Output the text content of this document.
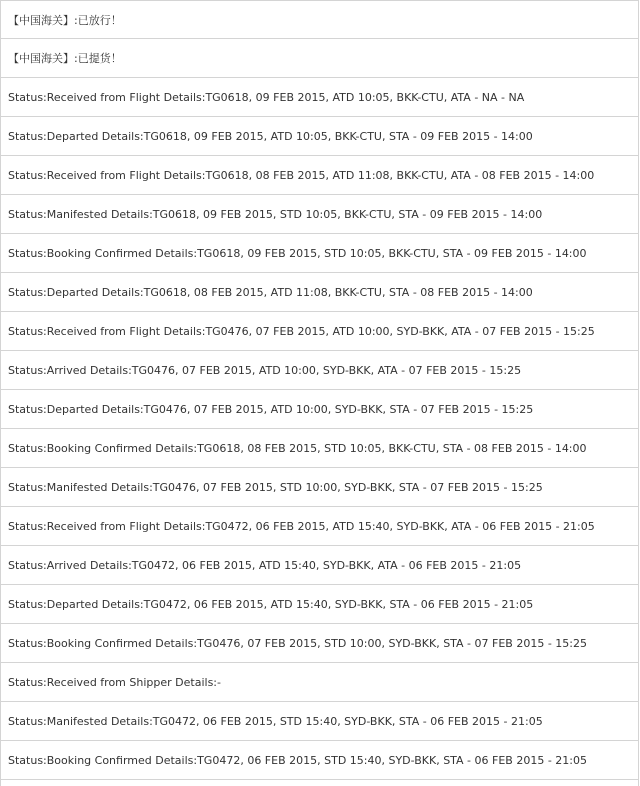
【中国海关】:已放行！
【中国海关】:已提货！
Status:Received from Flight Details:TG0618, 09 FEB 2015, ATD 10:05, BKK-CTU, ATA - NA - NA
Status:Departed Details:TG0618, 09 FEB 2015, ATD 10:05, BKK-CTU, STA - 09 FEB 2015 - 14:00
Status:Received from Flight Details:TG0618, 08 FEB 2015, ATD 11:08, BKK-CTU, ATA - 08 FEB 2015 - 14:00
Status:Manifested Details:TG0618, 09 FEB 2015, STD 10:05, BKK-CTU, STA - 09 FEB 2015 - 14:00
Status:Booking Confirmed Details:TG0618, 09 FEB 2015, STD 10:05, BKK-CTU, STA - 09 FEB 2015 - 14:00
Status:Departed Details:TG0618, 08 FEB 2015, ATD 11:08, BKK-CTU, STA - 08 FEB 2015 - 14:00
Status:Received from Flight Details:TG0476, 07 FEB 2015, ATD 10:00, SYD-BKK, ATA - 07 FEB 2015 - 15:25
Status:Arrived Details:TG0476, 07 FEB 2015, ATD 10:00, SYD-BKK, ATA - 07 FEB 2015 - 15:25
Status:Departed Details:TG0476, 07 FEB 2015, ATD 10:00, SYD-BKK, STA - 07 FEB 2015 - 15:25
Status:Booking Confirmed Details:TG0618, 08 FEB 2015, STD 10:05, BKK-CTU, STA - 08 FEB 2015 - 14:00
Status:Manifested Details:TG0476, 07 FEB 2015, STD 10:00, SYD-BKK, STA - 07 FEB 2015 - 15:25
Status:Received from Flight Details:TG0472, 06 FEB 2015, ATD 15:40, SYD-BKK, ATA - 06 FEB 2015 - 21:05
Status:Arrived Details:TG0472, 06 FEB 2015, ATD 15:40, SYD-BKK, ATA - 06 FEB 2015 - 21:05
Status:Departed Details:TG0472, 06 FEB 2015, ATD 15:40, SYD-BKK, STA - 06 FEB 2015 - 21:05
Status:Booking Confirmed Details:TG0476, 07 FEB 2015, STD 10:00, SYD-BKK, STA - 07 FEB 2015 - 15:25
Status:Received from Shipper Details:-
Status:Manifested Details:TG0472, 06 FEB 2015, STD 15:40, SYD-BKK, STA - 06 FEB 2015 - 21:05
Status:Booking Confirmed Details:TG0472, 06 FEB 2015, STD 15:40, SYD-BKK, STA - 06 FEB 2015 - 21:05
